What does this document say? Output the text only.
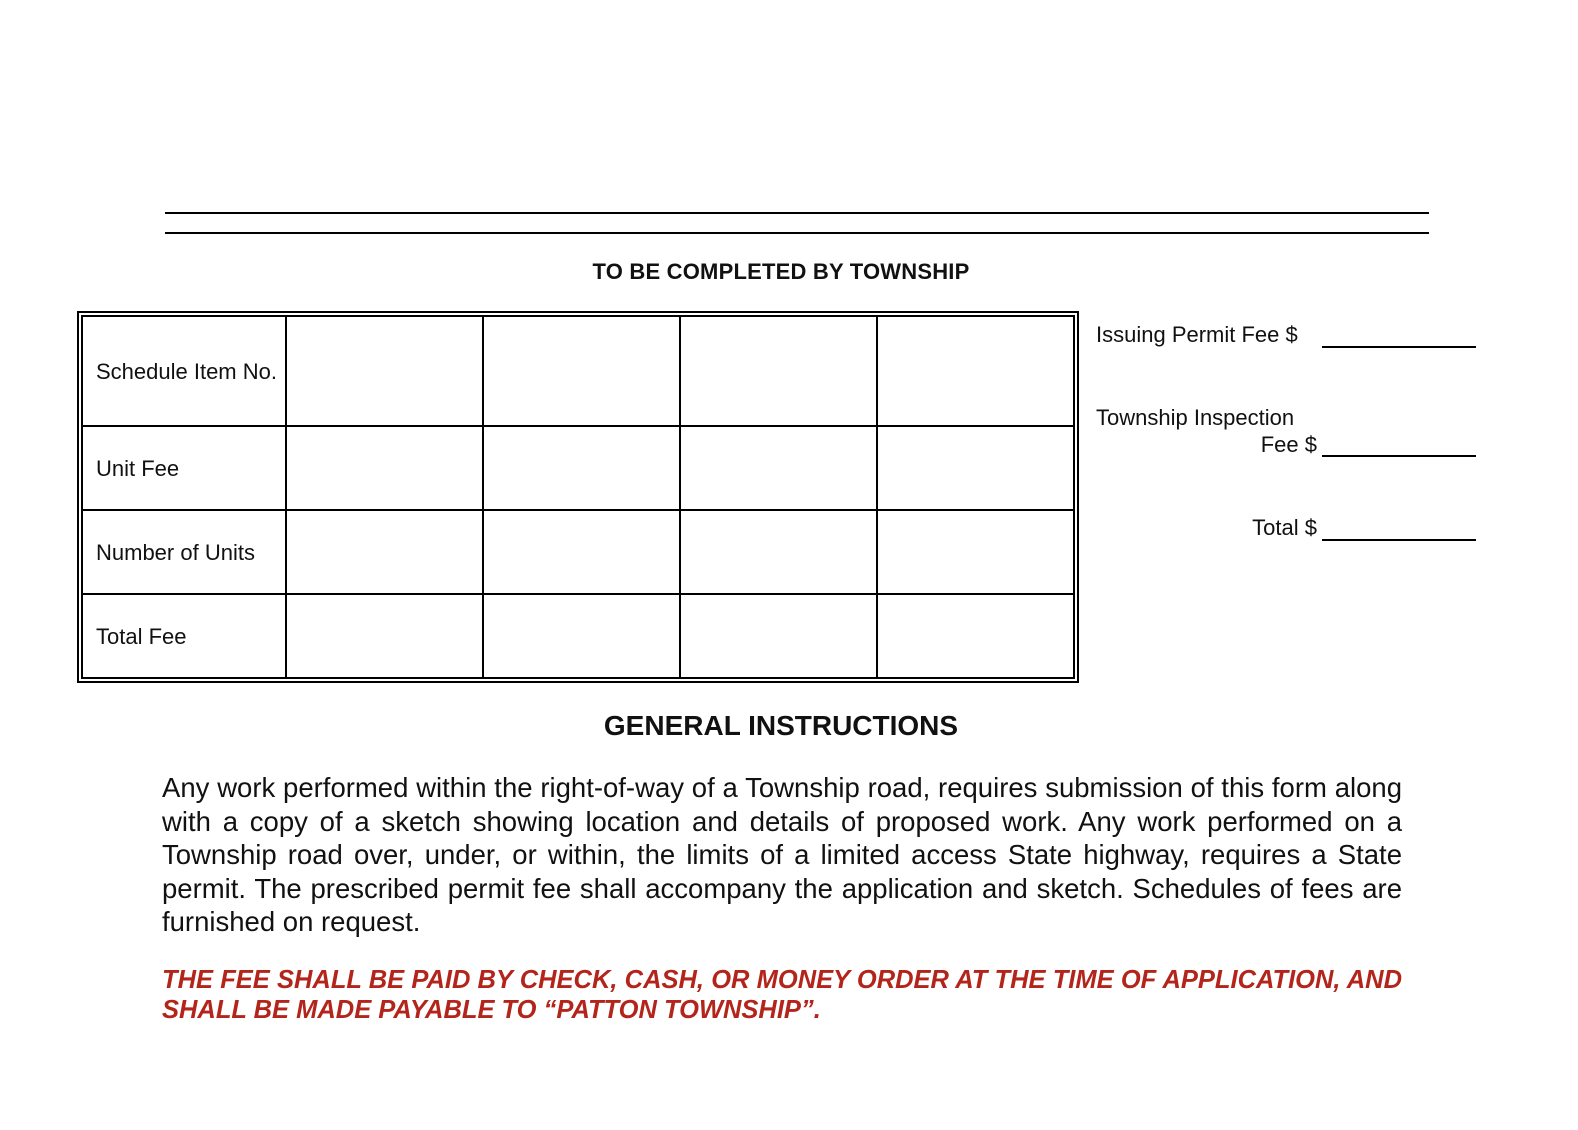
TO BE COMPLETED BY TOWNSHIP
Schedule Item No.				
Unit Fee				
Number of Units				
Total Fee				
Issuing Permit Fee $
Township Inspection
Fee $
Total $
GENERAL INSTRUCTIONS
Any work performed within the right-of-way of a Township road, requires submission of this form along with a copy of a sketch showing location and details of proposed work. Any work performed on a Township road over, under, or within, the limits of a limited access State highway, requires a State permit. The prescribed permit fee shall accompany the application and sketch. Schedules of fees are furnished on request.
THE FEE SHALL BE PAID BY CHECK, CASH, OR MONEY ORDER AT THE TIME OF APPLICATION, AND SHALL BE MADE PAYABLE TO “PATTON TOWNSHIP”.
